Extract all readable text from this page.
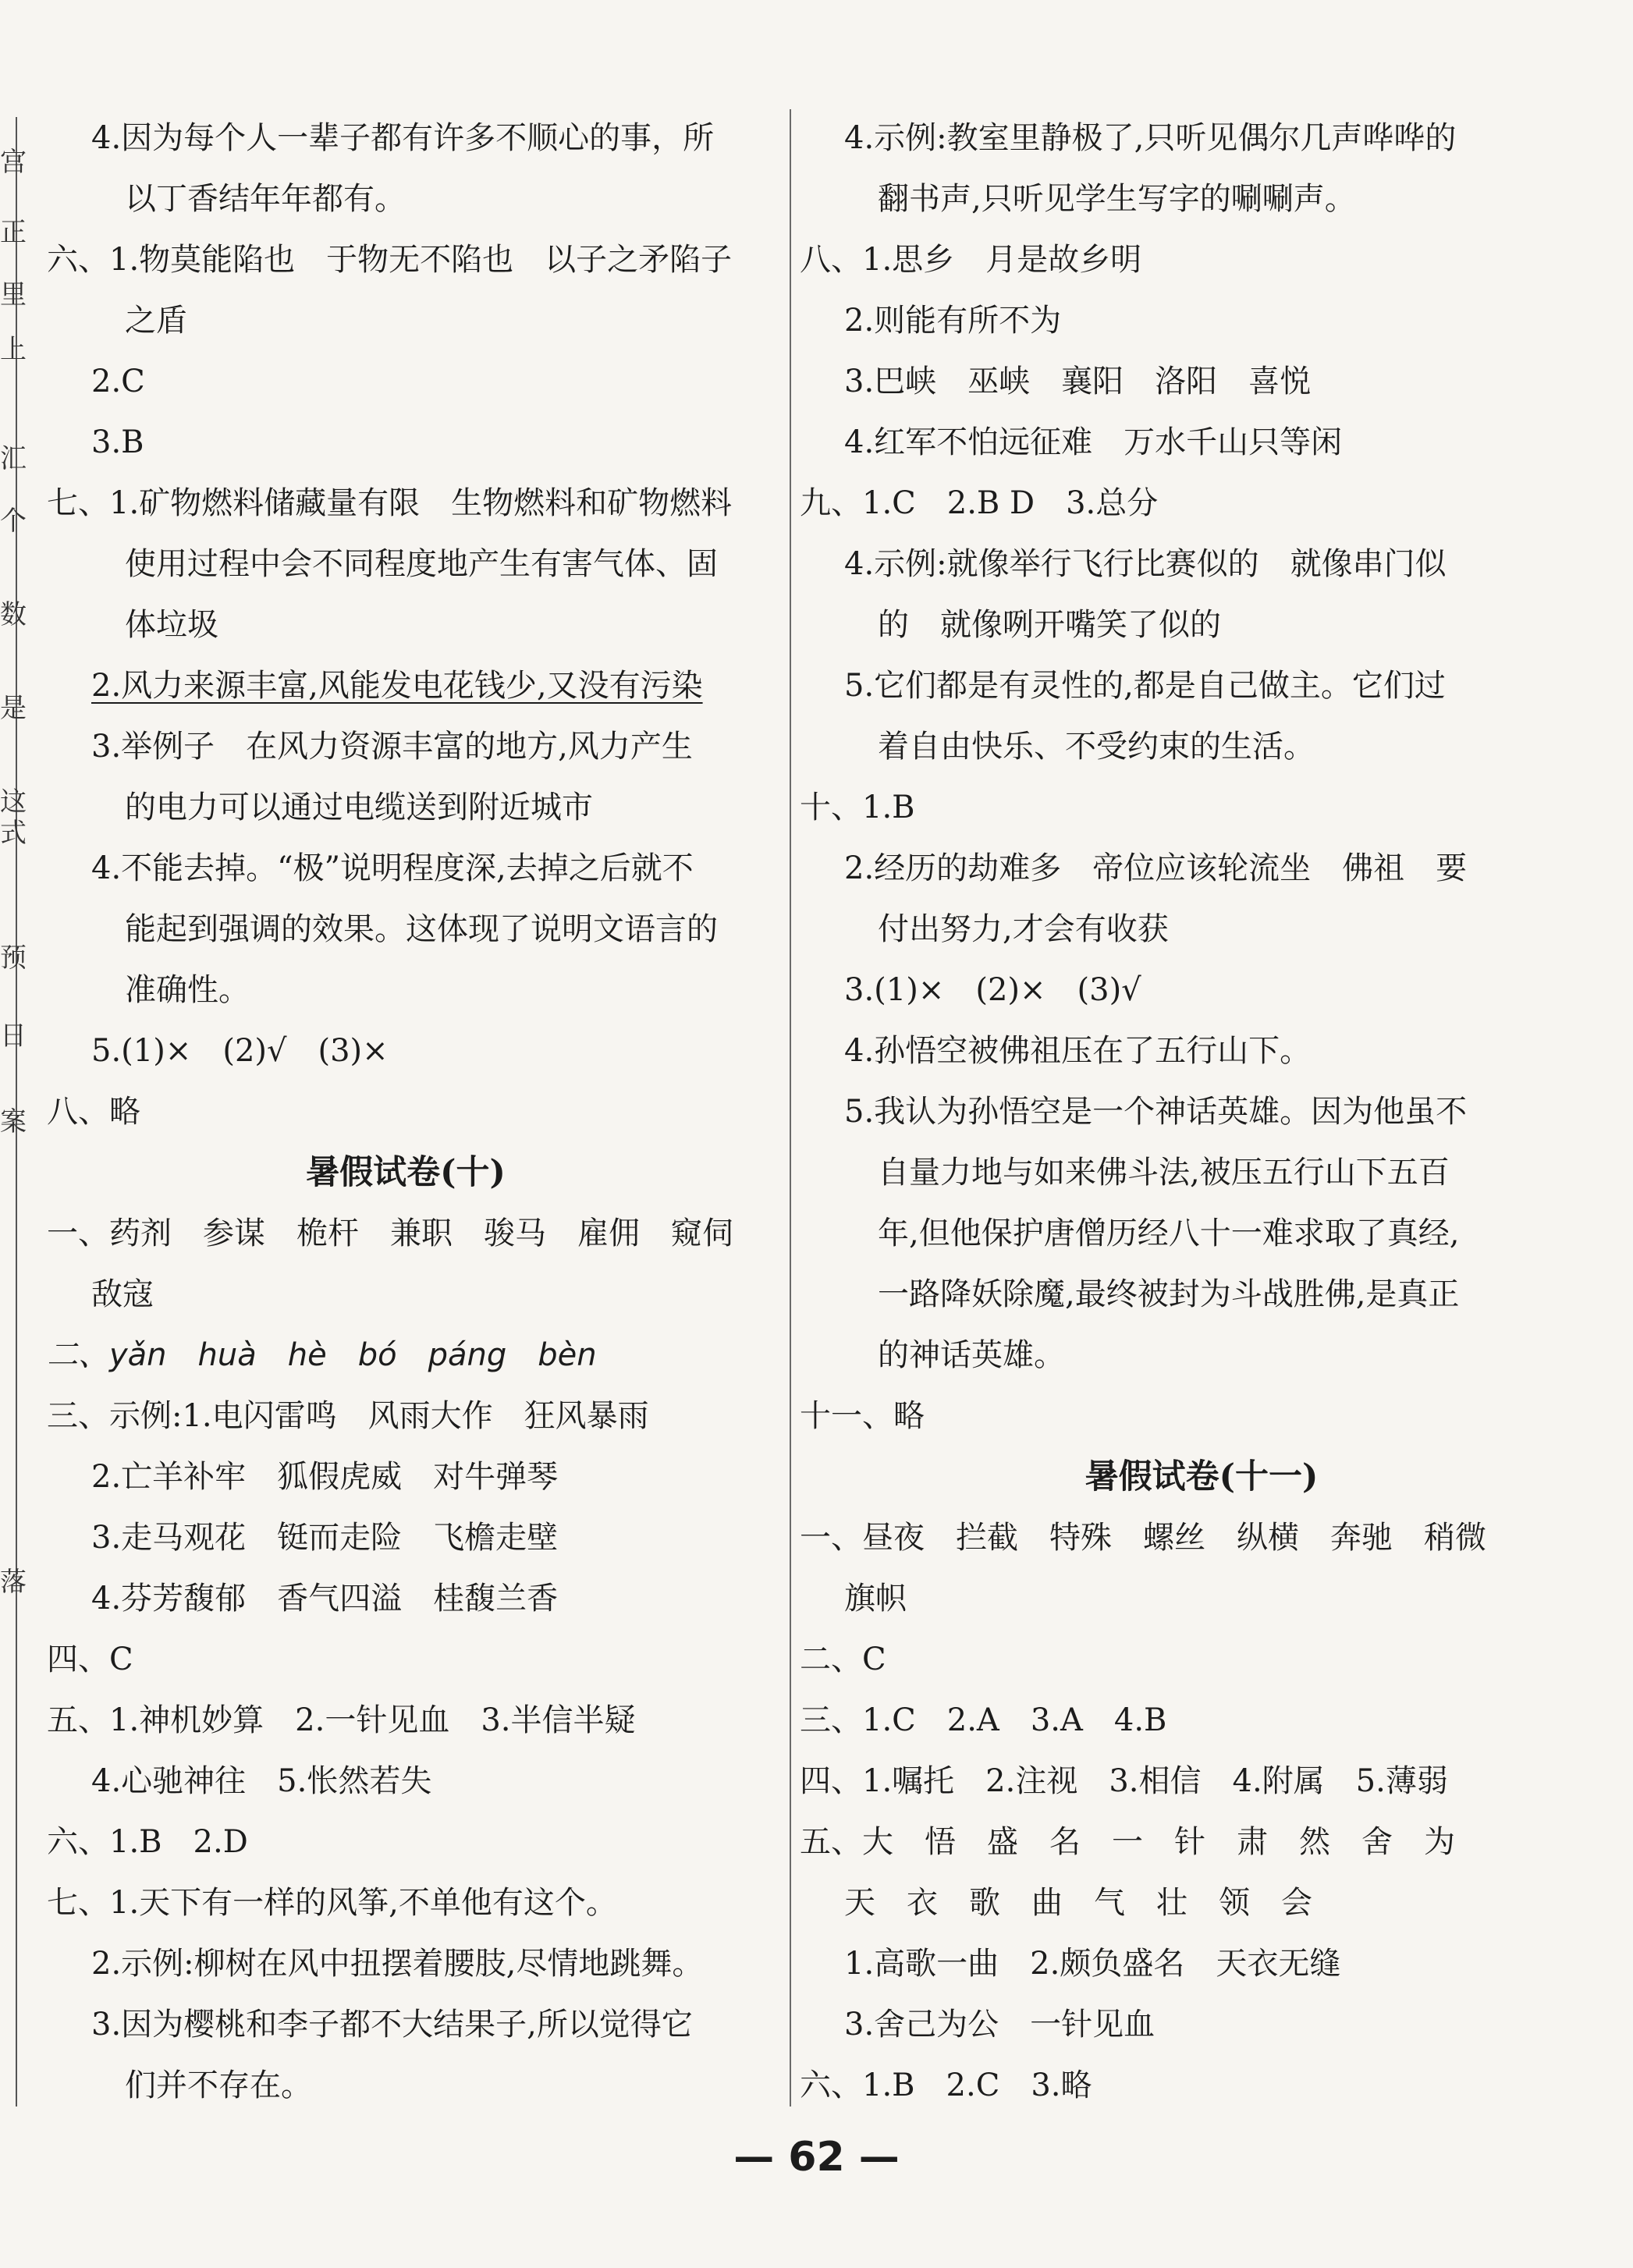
宫
正
里
上
汇
个
数
是
这
式
预
日
案
落
4.因为每个人一辈子都有许多不顺心的事，所
以丁香结年年都有。
六、1.物莫能陷也　于物无不陷也　以子之矛陷子
之盾
2.C
3.B
七、1.矿物燃料储藏量有限　生物燃料和矿物燃料
使用过程中会不同程度地产生有害气体、固
体垃圾
2.风力来源丰富,风能发电花钱少,又没有污染
3.举例子　在风力资源丰富的地方,风力产生
的电力可以通过电缆送到附近城市
4.不能去掉。“极”说明程度深,去掉之后就不
能起到强调的效果。这体现了说明文语言的
准确性。
5.(1)×　(2)√　(3)×
八、略
暑假试卷(十)
一、药剂　参谋　桅杆　兼职　骏马　雇佣　窥伺
敌寇
二、yǎn　huà　hè　bó　páng　bèn
三、示例:1.电闪雷鸣　风雨大作　狂风暴雨
2.亡羊补牢　狐假虎威　对牛弹琴
3.走马观花　铤而走险　飞檐走壁
4.芬芳馥郁　香气四溢　桂馥兰香
四、C
五、1.神机妙算　2.一针见血　3.半信半疑
4.心驰神往　5.怅然若失
六、1.B　2.D
七、1.天下有一样的风筝,不单他有这个。
2.示例:柳树在风中扭摆着腰肢,尽情地跳舞。
3.因为樱桃和李子都不大结果子,所以觉得它
们并不存在。
4.示例:教室里静极了,只听见偶尔几声哗哗的
翻书声,只听见学生写字的唰唰声。
八、1.思乡　月是故乡明
2.则能有所不为
3.巴峡　巫峡　襄阳　洛阳　喜悦
4.红军不怕远征难　万水千山只等闲
九、1.C　2.B D　3.总分
4.示例:就像举行飞行比赛似的　就像串门似
的　就像咧开嘴笑了似的
5.它们都是有灵性的,都是自己做主。它们过
着自由快乐、不受约束的生活。
十、1.B
2.经历的劫难多　帝位应该轮流坐　佛祖　要
付出努力,才会有收获
3.(1)×　(2)×　(3)√
4.孙悟空被佛祖压在了五行山下。
5.我认为孙悟空是一个神话英雄。因为他虽不
自量力地与如来佛斗法,被压五行山下五百
年,但他保护唐僧历经八十一难求取了真经,
一路降妖除魔,最终被封为斗战胜佛,是真正
的神话英雄。
十一、略
暑假试卷(十一)
一、昼夜　拦截　特殊　螺丝　纵横　奔驰　稍微
旗帜
二、C
三、1.C　2.A　3.A　4.B
四、1.嘱托　2.注视　3.相信　4.附属　5.薄弱
五、大　悟　盛　名　一　针　肃　然　舍　为
天　衣　歌　曲　气　壮　领　会
1.高歌一曲　2.颇负盛名　天衣无缝
3.舍己为公　一针见血
六、1.B　2.C　3.略
— 62 —
